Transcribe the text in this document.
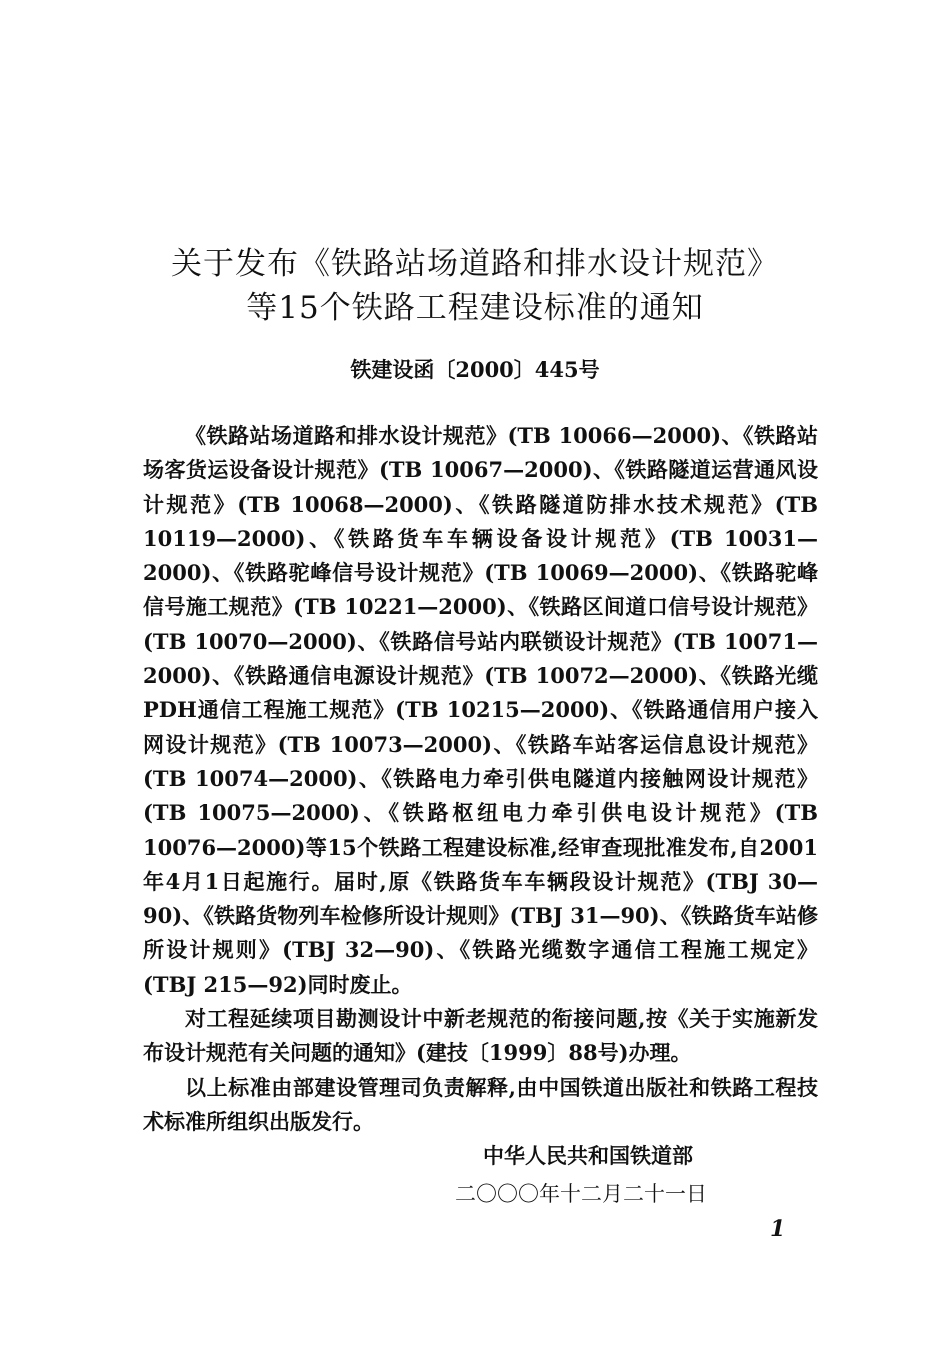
关于发布《铁路站场道路和排水设计规范》
等15个铁路工程建设标准的通知
铁建设函〔2000〕445号

《铁路站场道路和排水设计规范》(TB 10066—2000)、《铁路站场客货运设备设计规范》(TB 10067—2000)、《铁路隧道运营通风设计规范》(TB 10068—2000)、《铁路隧道防排水技术规范》(TB 10119—2000)、《铁路货车车辆设备设计规范》(TB 10031—2000)、《铁路驼峰信号设计规范》(TB 10069—2000)、《铁路驼峰信号施工规范》(TB 10221—2000)、《铁路区间道口信号设计规范》(TB 10070—2000)、《铁路信号站内联锁设计规范》(TB 10071—2000)、《铁路通信电源设计规范》(TB 10072—2000)、《铁路光缆PDH通信工程施工规范》(TB 10215—2000)、《铁路通信用户接入网设计规范》(TB 10073—2000)、《铁路车站客运信息设计规范》(TB 10074—2000)、《铁路电力牵引供电隧道内接触网设计规范》(TB 10075—2000)、《铁路枢纽电力牵引供电设计规范》(TB 10076—2000)等15个铁路工程建设标准,经审查现批准发布,自2001年4月1日起施行。届时,原《铁路货车车辆段设计规范》(TBJ 30—90)、《铁路货物列车检修所设计规则》(TBJ 31—90)、《铁路货车站修所设计规则》(TBJ 32—90)、《铁路光缆数字通信工程施工规定》(TBJ 215—92)同时废止。

对工程延续项目勘测设计中新老规范的衔接问题,按《关于实施新发布设计规范有关问题的通知》(建技〔1999〕88号)办理。

以上标准由部建设管理司负责解释,由中国铁道出版社和铁路工程技术标准所组织出版发行。

中华人民共和国铁道部
二〇〇〇年十二月二十一日
1
